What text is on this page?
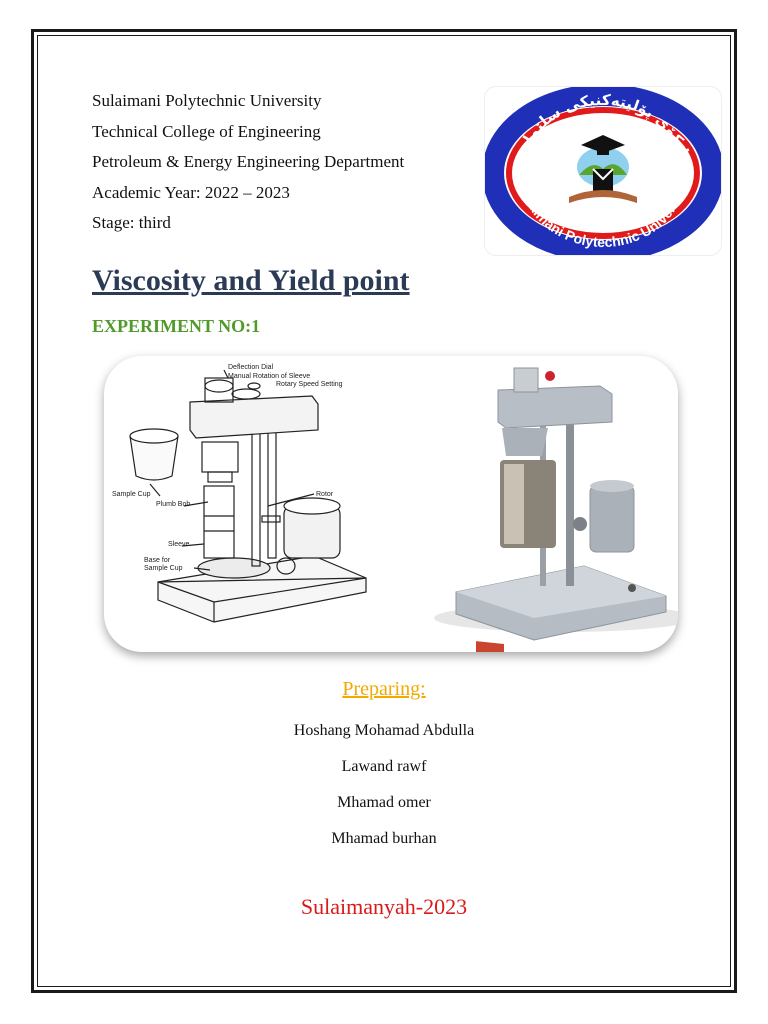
Sulaimani Polytechnic University
Technical College of Engineering
Petroleum & Energy Engineering Department
Academic Year: 2022 – 2023
Stage: third
زانكۆی پۆلیتەكنیكی سلێمانی
Sulaimani Polytechnic University
Viscosity and Yield point
EXPERIMENT NO:1
Deflection Dial
Manual Rotation of Sleeve
Rotary Speed Setting
Rotor
Sample Cup
Plumb Bob
Sleeve
Base for
Sample Cup
Preparing:
Hoshang Mohamad Abdulla
Lawand rawf
Mhamad omer
Mhamad burhan
Sulaimanyah-2023
